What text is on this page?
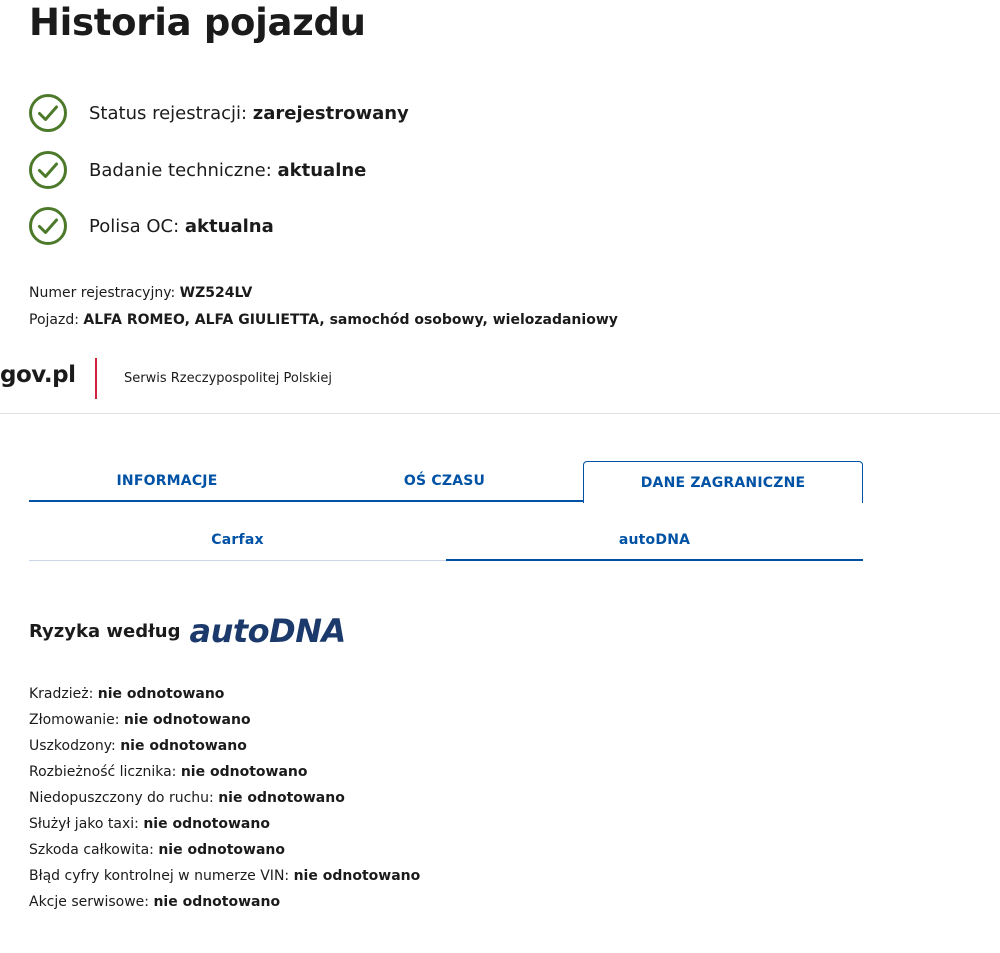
Historia pojazdu
Status rejestracji: zarejestrowany
Badanie techniczne: aktualne
Polisa OC: aktualna
Numer rejestracyjny: WZ524LV
Pojazd: ALFA ROMEO, ALFA GIULIETTA, samochód osobowy, wielozadaniowy
gov.pl	Serwis Rzeczypospolitej Polskiej
INFORMACJE	OŚ CZASU	DANE ZAGRANICZNE
Carfax	autoDNA
Ryzyka według autoDNA
Kradzież: nie odnotowano
Złomowanie: nie odnotowano
Uszkodzony: nie odnotowano
Rozbieżność licznika: nie odnotowano
Niedopuszczony do ruchu: nie odnotowano
Służył jako taxi: nie odnotowano
Szkoda całkowita: nie odnotowano
Błąd cyfry kontrolnej w numerze VIN: nie odnotowano
Akcje serwisowe: nie odnotowano
